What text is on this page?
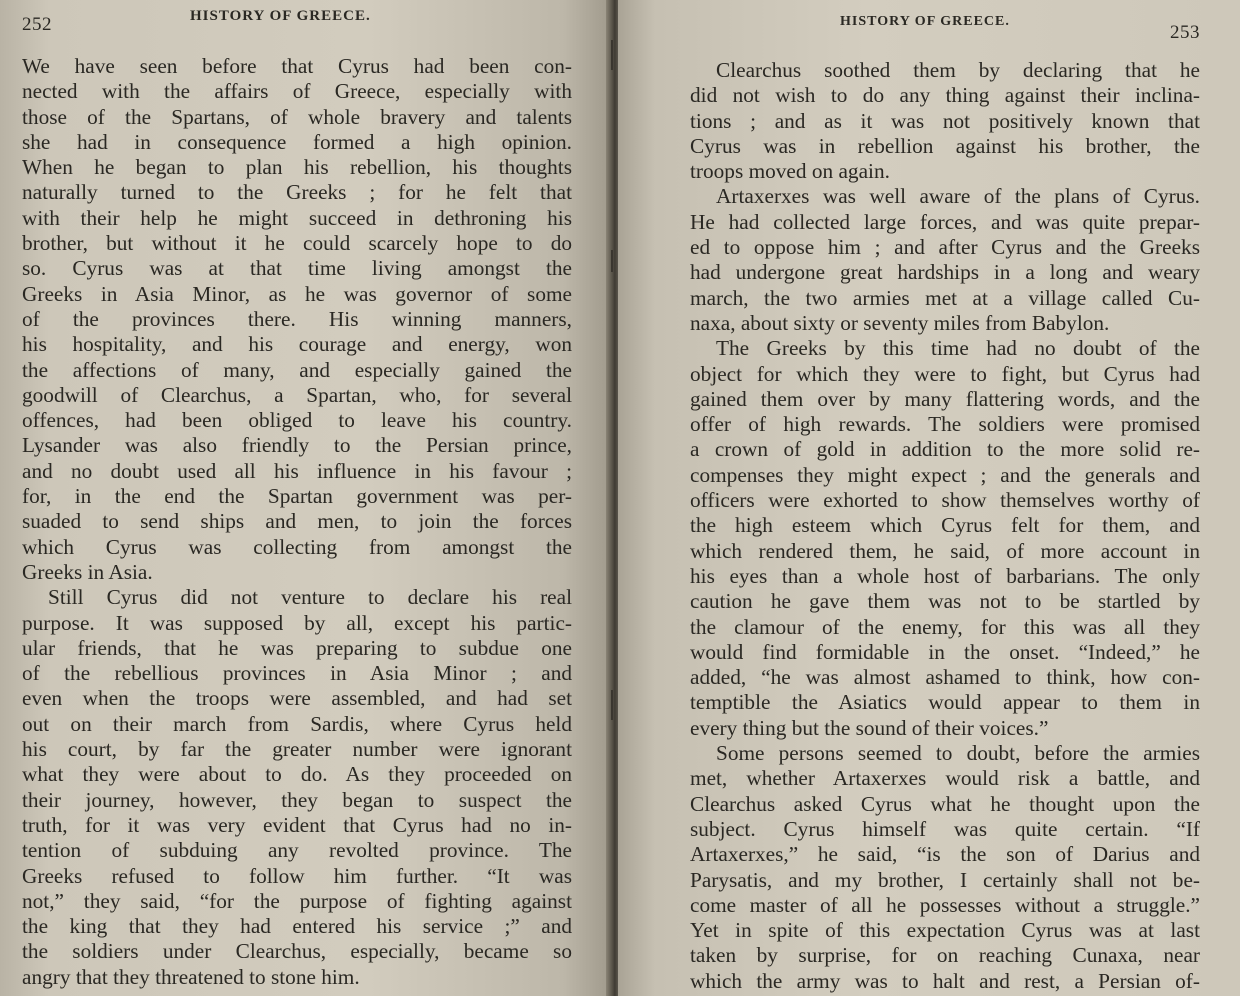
252	HISTORY OF GREECE.
We have seen before that Cyrus had been con-
nected with the affairs of Greece, especially with
those of the Spartans, of whole bravery and talents
she had in consequence formed a high opinion.
When he began to plan his rebellion, his thoughts
naturally turned to the Greeks ; for he felt that
with their help he might succeed in dethroning his
brother, but without it he could scarcely hope to do
so. Cyrus was at that time living amongst the
Greeks in Asia Minor, as he was governor of some
of the provinces there. His winning manners,
his hospitality, and his courage and energy, won
the affections of many, and especially gained the
goodwill of Clearchus, a Spartan, who, for several
offences, had been obliged to leave his country.
Lysander was also friendly to the Persian prince,
and no doubt used all his influence in his favour ;
for, in the end the Spartan government was per-
suaded to send ships and men, to join the forces
which Cyrus was collecting from amongst the
Greeks in Asia.
Still Cyrus did not venture to declare his real
purpose. It was supposed by all, except his partic-
ular friends, that he was preparing to subdue one
of the rebellious provinces in Asia Minor ; and
even when the troops were assembled, and had set
out on their march from Sardis, where Cyrus held
his court, by far the greater number were ignorant
what they were about to do. As they proceeded on
their journey, however, they began to suspect the
truth, for it was very evident that Cyrus had no in-
tention of subduing any revolted province. The
Greeks refused to follow him further. “It was
not,” they said, “for the purpose of fighting against
the king that they had entered his service ;” and
the soldiers under Clearchus, especially, became so
angry that they threatened to stone him.
HISTORY OF GREECE.
253
Clearchus soothed them by declaring that he
did not wish to do any thing against their inclina-
tions ; and as it was not positively known that
Cyrus was in rebellion against his brother, the
troops moved on again.
Artaxerxes was well aware of the plans of Cyrus.
He had collected large forces, and was quite prepar-
ed to oppose him ; and after Cyrus and the Greeks
had undergone great hardships in a long and weary
march, the two armies met at a village called Cu-
naxa, about sixty or seventy miles from Babylon.
The Greeks by this time had no doubt of the
object for which they were to fight, but Cyrus had
gained them over by many flattering words, and the
offer of high rewards. The soldiers were promised
a crown of gold in addition to the more solid re-
compenses they might expect ; and the generals and
officers were exhorted to show themselves worthy of
the high esteem which Cyrus felt for them, and
which rendered them, he said, of more account in
his eyes than a whole host of barbarians. The only
caution he gave them was not to be startled by
the clamour of the enemy, for this was all they
would find formidable in the onset. “Indeed,” he
added, “he was almost ashamed to think, how con-
temptible the Asiatics would appear to them in
every thing but the sound of their voices.”
Some persons seemed to doubt, before the armies
met, whether Artaxerxes would risk a battle, and
Clearchus asked Cyrus what he thought upon the
subject. Cyrus himself was quite certain. “If
Artaxerxes,” he said, “is the son of Darius and
Parysatis, and my brother, I certainly shall not be-
come master of all he possesses without a struggle.”
Yet in spite of this expectation Cyrus was at last
taken by surprise, for on reaching Cunaxa, near
which the army was to halt and rest, a Persian of-
